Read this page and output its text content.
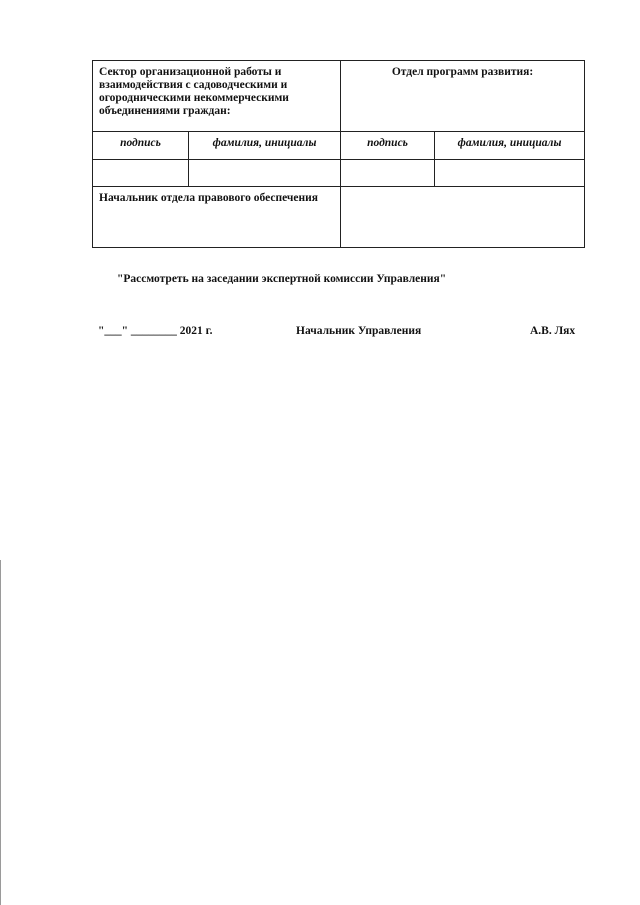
Сектор организационной работы и взаимодействия с садоводческими и огородническими некоммерческими объединениями граждан:		Отдел программ развития:	
подпись	фамилия, инициалы	подпись	фамилия, инициалы

Начальник отдела правового обеспечения			
"Рассмотреть на заседании экспертной комиссии Управления"
"___" ________ 2021 г.	Начальник Управления	А.В. Лях
